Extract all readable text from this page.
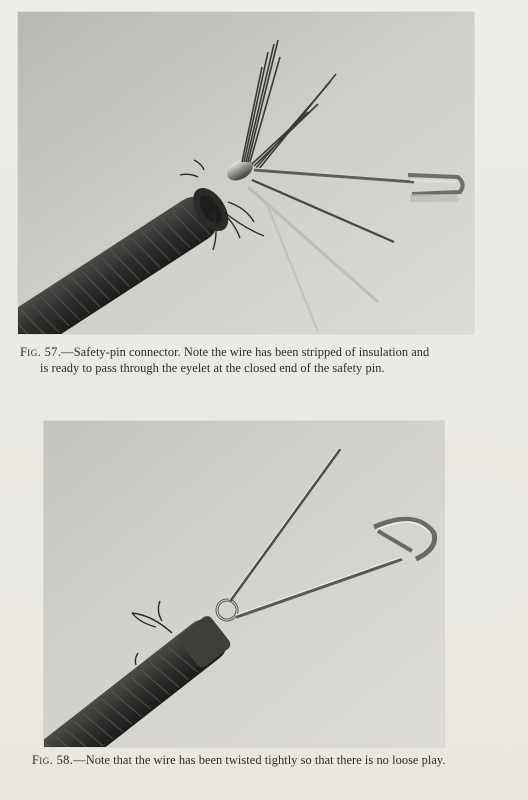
Fig. 57.—Safety-pin connector. Note the wire has been stripped of insulation and
is ready to pass through the eyelet at the closed end of the safety pin.
Fig. 58.—Note that the wire has been twisted tightly so that there is no loose play.
